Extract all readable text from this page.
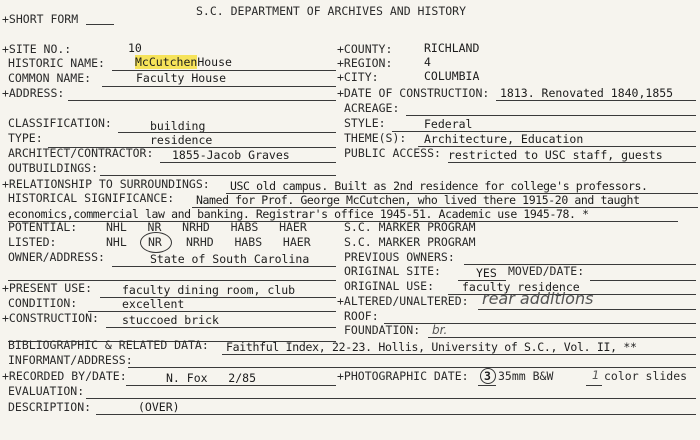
+SHORT FORM
S.C. DEPARTMENT OF ARCHIVES AND HISTORY
+SITE NO.:	10
HISTORIC NAME:	McCutchenHouse
COMMON NAME:	Faculty House
+ADDRESS:
CLASSIFICATION:	building
TYPE:	residence
ARCHITECT/CONTRACTOR: 1855-Jacob Graves
OUTBUILDINGS:
POTENTIAL:	NHL   NR   NRHD   HABS   HAER
LISTED:	NHL NR NRHD   HABS   HAER
OWNER/ADDRESS:	State of South Carolina
+PRESENT USE:	faculty dining room, club
CONDITION:	excellent
+CONSTRUCTION: stuccoed brick
+COUNTY:	RICHLAND
+REGION:	4
+CITY:	COLUMBIA
+DATE OF CONSTRUCTION: 1813. Renovated 1840,1855
ACREAGE:
STYLE:	Federal
THEME(S): Architecture, Education
PUBLIC ACCESS: restricted to USC staff, guests
S.C. MARKER PROGRAM
S.C. MARKER PROGRAM
PREVIOUS OWNERS:
ORIGINAL SITE:	YES MOVED/DATE:
ORIGINAL USE: faculty residence
+ALTERED/UNALTERED: rear additions
ROOF:
FOUNDATION: br.
+RELATIONSHIP TO SURROUNDINGS: USC old campus. Built as 2nd residence for college's professors.
HISTORICAL SIGNIFICANCE: Named for Prof. George McCutchen, who lived there 1915-20 and taught
economics,commercial law and banking. Registrar's office 1945-51. Academic use 1945-78. *
BIBLIOGRAPHIC & RELATED DATA: Faithful Index, 22-23. Hollis, University of S.C., Vol. II, **
INFORMANT/ADDRESS:
+RECORDED BY/DATE:	N. Fox   2/85	+PHOTOGRAPHIC DATE: 3 35mm B&W	1 color slides
EVALUATION:
DESCRIPTION:	(OVER)
